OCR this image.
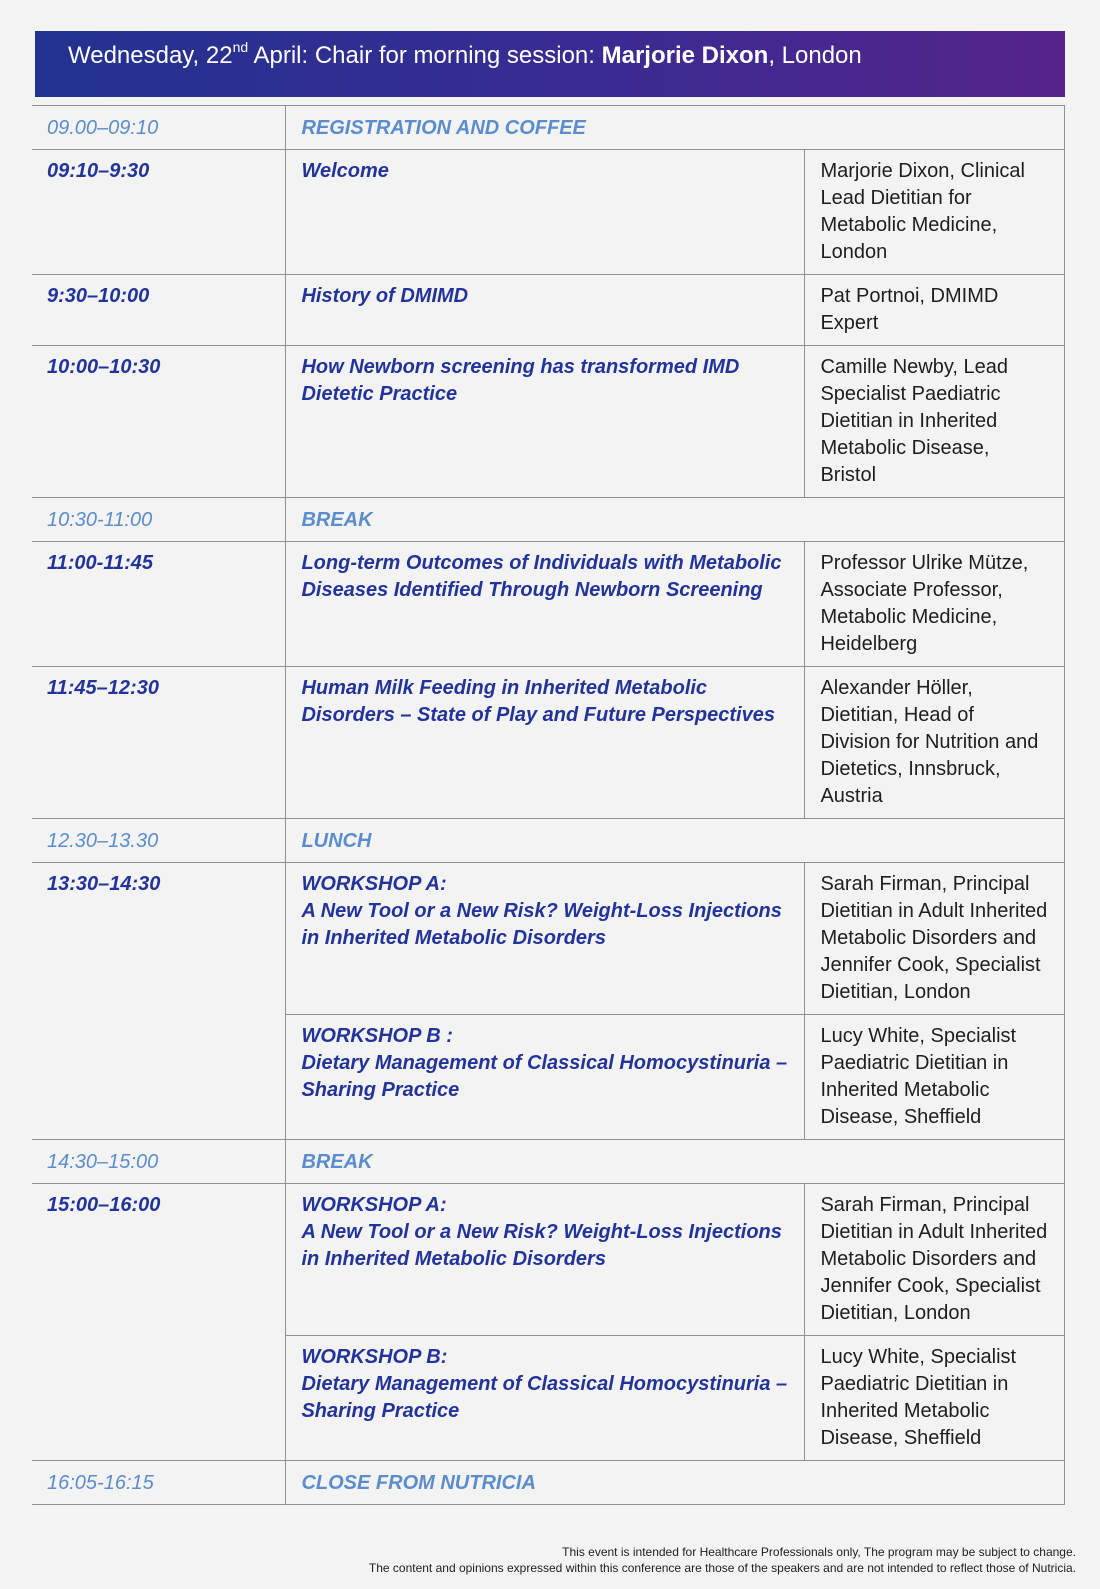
Wednesday, 22nd April: Chair for morning session: Marjorie Dixon, London
09.00–09:10	REGISTRATION AND COFFEE	
09:10–9:30	Welcome	Marjorie Dixon, Clinical Lead Dietitian for Metabolic Medicine, London
9:30–10:00	History of DMIMD	Pat Portnoi, DMIMD Expert
10:00–10:30	How Newborn screening has transformed IMD Dietetic Practice	Camille Newby, Lead Specialist Paediatric Dietitian in Inherited Metabolic Disease, Bristol
10:30-11:00	BREAK	
11:00-11:45	Long-term Outcomes of Individuals with Metabolic Diseases Identified Through Newborn Screening	Professor Ulrike Mütze, Associate Professor, Metabolic Medicine, Heidelberg
11:45–12:30	Human Milk Feeding in Inherited Metabolic Disorders – State of Play and Future Perspectives	Alexander Höller, Dietitian, Head of Division for Nutrition and Dietetics, Innsbruck, Austria
12.30–13.30	LUNCH	
13:30–14:30	WORKSHOP A:
A New Tool or a New Risk? Weight-Loss Injections in Inherited Metabolic Disorders	Sarah Firman, Principal Dietitian in Adult Inherited Metabolic Disorders and Jennifer Cook, Specialist Dietitian, London

	WORKSHOP B :
Dietary Management of Classical Homocystinuria – Sharing Practice	Lucy White, Specialist Paediatric Dietitian in Inherited Metabolic Disease, Sheffield
14:30–15:00	BREAK	
15:00–16:00	WORKSHOP A:
A New Tool or a New Risk? Weight-Loss Injections in Inherited Metabolic Disorders	Sarah Firman, Principal Dietitian in Adult Inherited Metabolic Disorders and Jennifer Cook, Specialist Dietitian, London

	WORKSHOP B:
Dietary Management of Classical Homocystinuria – Sharing Practice	Lucy White, Specialist Paediatric Dietitian in Inherited Metabolic Disease, Sheffield
16:05-16:15	CLOSE FROM NUTRICIA	
This event is intended for Healthcare Professionals only, The program may be subject to change.
The content and opinions expressed within this conference are those of the speakers and are not intended to reflect those of Nutricia.
